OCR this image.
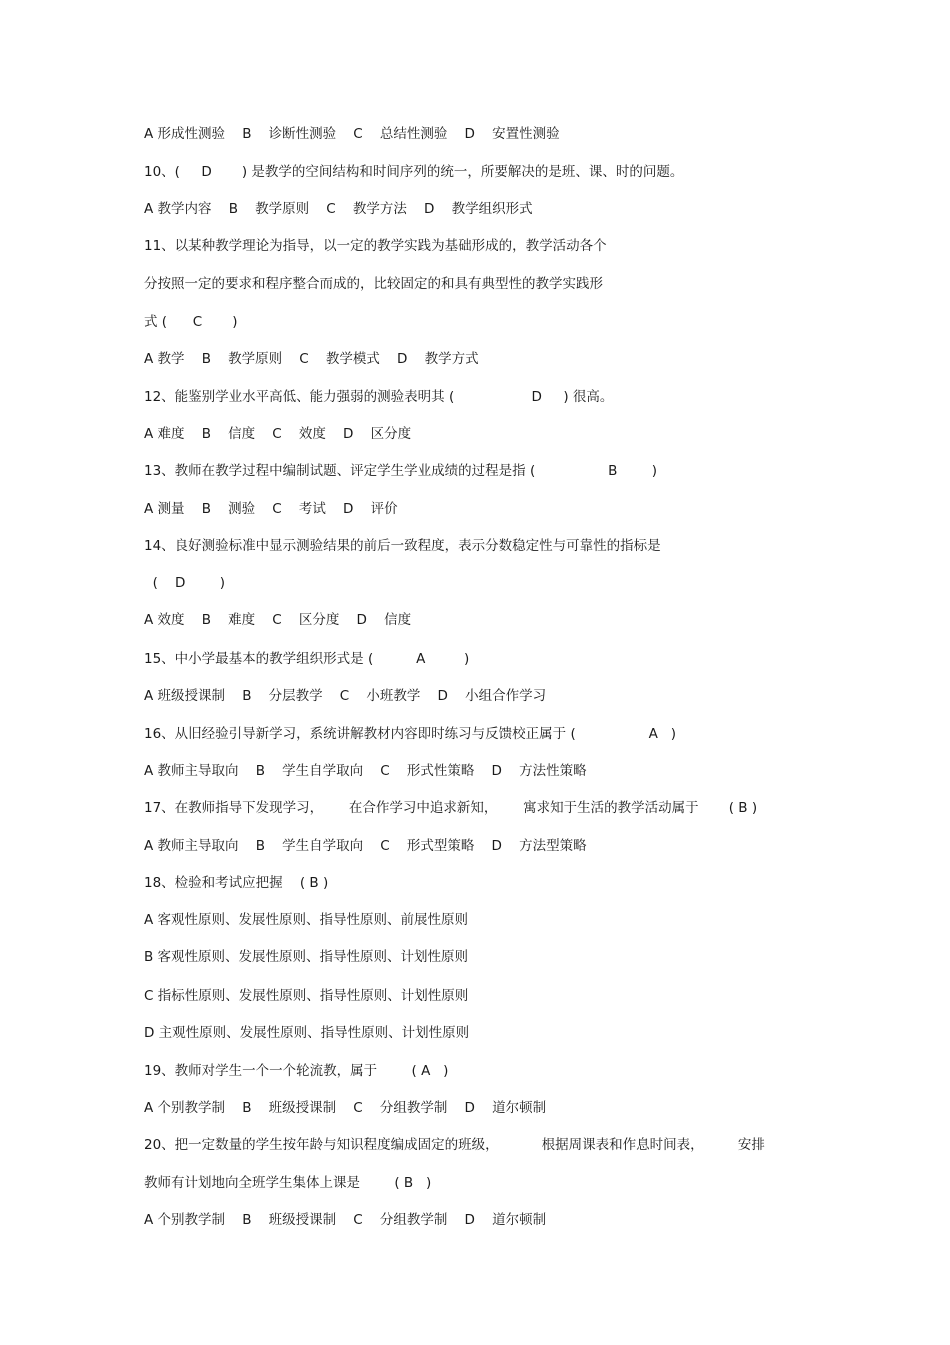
A 形成性测验    B    诊断性测验    C    总结性测验    D    安置性测验
10、(     D       ) 是教学的空间结构和时间序列的统一，所要解决的是班、课、时的问题。
A 教学内容    B    教学原则    C    教学方法    D    教学组织形式
11、以某种教学理论为指导，以一定的教学实践为基础形成的，教学活动各个
分按照一定的要求和程序整合而成的，比较固定的和具有典型性的教学实践形
式 (      C       )
A 教学    B    教学原则    C    教学模式    D    教学方式
12、能鉴别学业水平高低、能力强弱的测验表明其 (                  D     ) 很高。
A 难度    B    信度    C    效度    D    区分度
13、教师在教学过程中编制试题、评定学生学业成绩的过程是指 (                 B        )
A 测量    B    测验    C    考试    D    评价
14、良好测验标准中显示测验结果的前后一致程度，表示分数稳定性与可靠性的指标是
(    D        )
A 效度    B    难度    C    区分度    D    信度
15、中小学最基本的教学组织形式是 (          A         )
A 班级授课制    B    分层教学    C    小班教学    D    小组合作学习
16、从旧经验引导新学习，系统讲解教材内容即时练习与反馈校正属于 (                 A   )
A 教师主导取向    B    学生自学取向    C    形式性策略    D    方法性策略
17、在教师指导下发现学习，      在合作学习中追求新知，      寓求知于生活的教学活动属于       ( B )
A 教师主导取向    B    学生自学取向    C    形式型策略    D    方法型策略
18、检验和考试应把握    ( B )
A 客观性原则、发展性原则、指导性原则、前展性原则
B 客观性原则、发展性原则、指导性原则、计划性原则
C 指标性原则、发展性原则、指导性原则、计划性原则
D 主观性原则、发展性原则、指导性原则、计划性原则
19、教师对学生一个一个轮流教，属于        ( A   )
A 个别教学制    B    班级授课制    C    分组教学制    D    道尔顿制
20、把一定数量的学生按年龄与知识程度编成固定的班级，          根据周课表和作息时间表，        安排
教师有计划地向全班学生集体上课是        ( B   )
A 个别教学制    B    班级授课制    C    分组教学制    D    道尔顿制
